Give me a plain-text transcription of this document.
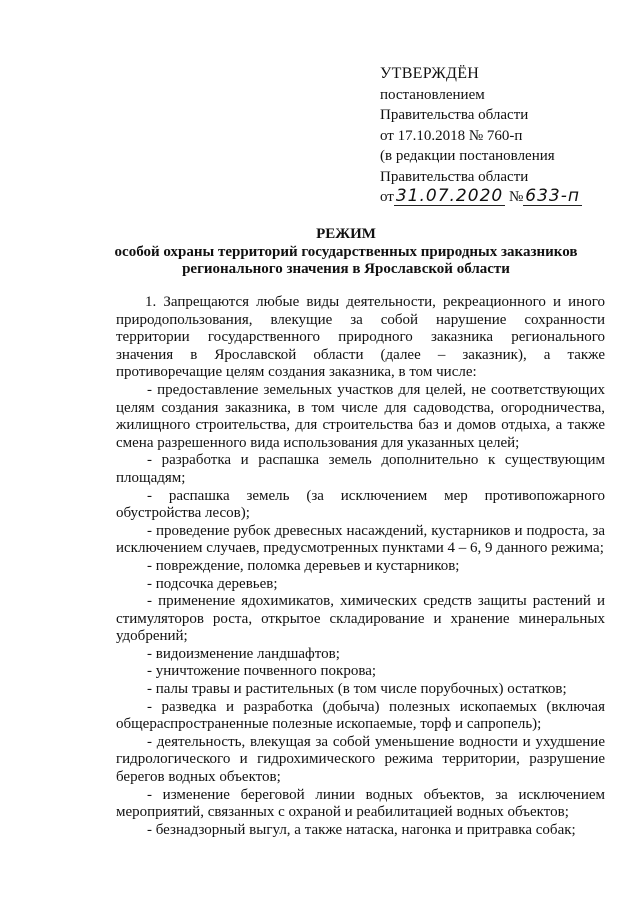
УТВЕРЖДЁН
постановлением
Правительства области
от 17.10.2018 № 760-п
(в редакции постановления
Правительства области
от 31.07.2020 № 633-п
РЕЖИМ
особой охраны территорий государственных природных заказников
регионального значения в Ярославской области

1. Запрещаются любые виды деятельности, рекреационного и иного природопользования, влекущие за собой нарушение сохранности территории государственного природного заказника регионального значения в Ярославской области (далее – заказник), а также противоречащие целям создания заказника, в том числе:

- предоставление земельных участков для целей, не соответствующих целям создания заказника, в том числе для садоводства, огородничества, жилищного строительства, для строительства баз и домов отдыха, а также смена разрешенного вида использования для указанных целей;

- разработка и распашка земель дополнительно к существующим площадям;

- распашка земель (за исключением мер противопожарного обустройства лесов);

- проведение рубок древесных насаждений, кустарников и подроста, за исключением случаев, предусмотренных пунктами 4 – 6, 9 данного режима;

- повреждение, поломка деревьев и кустарников;

- подсочка деревьев;

- применение ядохимикатов, химических средств защиты растений и стимуляторов роста, открытое складирование и хранение минеральных удобрений;

- видоизменение ландшафтов;

- уничтожение почвенного покрова;

- палы травы и растительных (в том числе порубочных) остатков;

- разведка и разработка (добыча) полезных ископаемых (включая общераспространенные полезные ископаемые, торф и сапропель);

- деятельность, влекущая за собой уменьшение водности и ухудшение гидрологического и гидрохимического режима территории, разрушение берегов водных объектов;

- изменение береговой линии водных объектов, за исключением мероприятий, связанных с охраной и реабилитацией водных объектов;

- безнадзорный выгул, а также натаска, нагонка и притравка собак;
